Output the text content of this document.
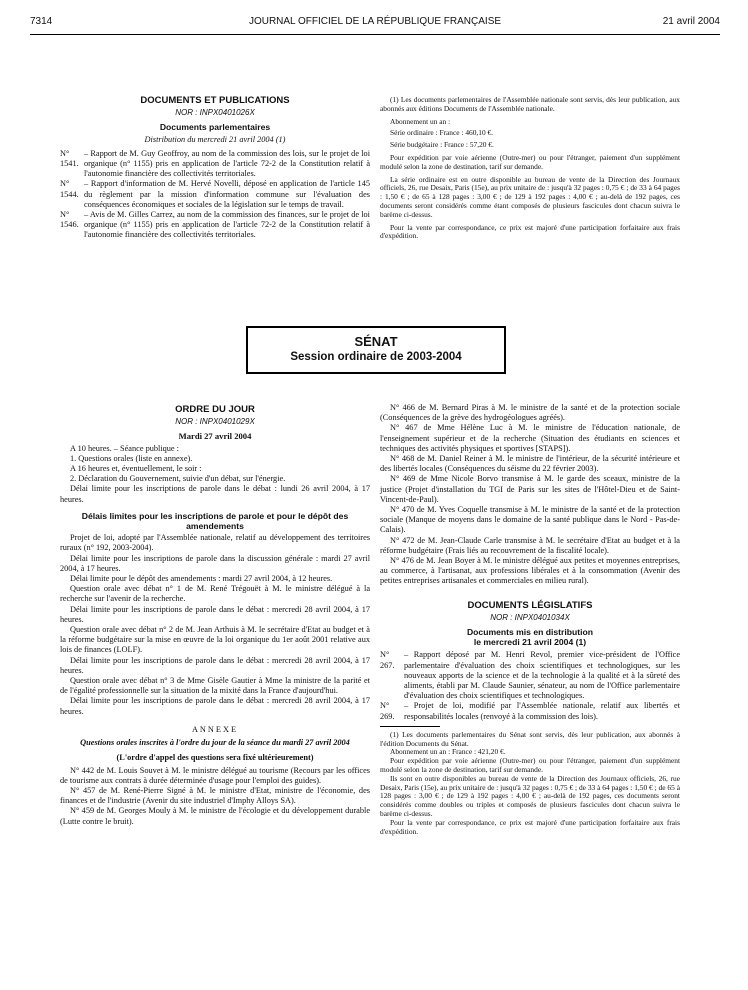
7314	JOURNAL OFFICIEL DE LA RÉPUBLIQUE FRANÇAISE	21 avril 2004
DOCUMENTS ET PUBLICATIONS
NOR : INPX0401026X
Documents parlementaires
Distribution du mercredi 21 avril 2004 (1)
N° 1541.
– Rapport de M. Guy Geoffroy, au nom de la commission des lois, sur le projet de loi organique (n° 1155) pris en application de l'article 72-2 de la Constitution relatif à l'autonomie financière des collectivités territoriales.
N° 1544.
– Rapport d'information de M. Hervé Novelli, déposé en application de l'article 145 du règlement par la mission d'information commune sur l'évaluation des conséquences économiques et sociales de la législation sur le temps de travail.
N° 1546.
– Avis de M. Gilles Carrez, au nom de la commission des finances, sur le projet de loi organique (n° 1155) pris en application de l'article 72-2 de la Constitution relatif à l'autonomie financière des collectivités territoriales.

(1) Les documents parlementaires de l'Assemblée nationale sont servis, dès leur publication, aux abonnés aux éditions Documents de l'Assemblée nationale.

Abonnement un an :

Série ordinaire : France : 460,10 €.

Série budgétaire : France : 57,20 €.

Pour expédition par voie aérienne (Outre-mer) ou pour l'étranger, paiement d'un supplément modulé selon la zone de destination, tarif sur demande.

La série ordinaire est en outre disponible au bureau de vente de la Direction des Journaux officiels, 26, rue Desaix, Paris (15e), au prix unitaire de : jusqu'à 32 pages : 0,75 € ; de 33 à 64 pages : 1,50 € ; de 65 à 128 pages : 3,00 € ; de 129 à 192 pages : 4,00 € ; au-delà de 192 pages, ces documents seront considérés comme étant composés de plusieurs fascicules dont chacun suivra le barème ci-dessus.

Pour la vente par correspondance, ce prix est majoré d'une participation forfaitaire aux frais d'expédition.

SÉNAT
Session ordinaire de 2003-2004
ORDRE DU JOUR
NOR : INPX0401029X
Mardi 27 avril 2004

A 10 heures. – Séance publique :

1. Questions orales (liste en annexe).

A 16 heures et, éventuellement, le soir :

2. Déclaration du Gouvernement, suivie d'un débat, sur l'énergie.

Délai limite pour les inscriptions de parole dans le débat : lundi 26 avril 2004, à 17 heures.

Délais limites pour les inscriptions de parole et pour le dépôt des amendements

Projet de loi, adopté par l'Assemblée nationale, relatif au développement des territoires ruraux (n° 192, 2003-2004).

Délai limite pour les inscriptions de parole dans la discussion générale : mardi 27 avril 2004, à 17 heures.

Délai limite pour le dépôt des amendements : mardi 27 avril 2004, à 12 heures.

Question orale avec débat n° 1 de M. René Trégouët à M. le ministre délégué à la recherche sur l'avenir de la recherche.

Délai limite pour les inscriptions de parole dans le débat : mercredi 28 avril 2004, à 17 heures.

Question orale avec débat n° 2 de M. Jean Arthuis à M. le secrétaire d'Etat au budget et à la réforme budgétaire sur la mise en œuvre de la loi organique du 1er août 2001 relative aux lois de finances (LOLF).

Délai limite pour les inscriptions de parole dans le débat : mercredi 28 avril 2004, à 17 heures.

Question orale avec débat n° 3 de Mme Gisèle Gautier à Mme la ministre de la parité et de l'égalité professionnelle sur la situation de la mixité dans la France d'aujourd'hui.

Délai limite pour les inscriptions de parole dans le débat : mercredi 28 avril 2004, à 17 heures.

ANNEXE
Questions orales inscrites à l'ordre du jour de la séance du mardi 27 avril 2004
(L'ordre d'appel des questions sera fixé ultérieurement)

N° 442 de M. Louis Souvet à M. le ministre délégué au tourisme (Recours par les offices de tourisme aux contrats à durée déterminée d'usage pour l'emploi des guides).

N° 457 de M. René-Pierre Signé à M. le ministre d'Etat, ministre de l'économie, des finances et de l'industrie (Avenir du site industriel d'Imphy Alloys SA).

N° 459 de M. Georges Mouly à M. le ministre de l'écologie et du développement durable (Lutte contre le bruit).

N° 466 de M. Bernard Piras à M. le ministre de la santé et de la protection sociale (Conséquences de la grève des hydrogéologues agréés).

N° 467 de Mme Hélène Luc à M. le ministre de l'éducation nationale, de l'enseignement supérieur et de la recherche (Situation des étudiants en sciences et techniques des activités physiques et sportives [STAPS]).

N° 468 de M. Daniel Reiner à M. le ministre de l'intérieur, de la sécurité intérieure et des libertés locales (Conséquences du séisme du 22 février 2003).

N° 469 de Mme Nicole Borvo transmise à M. le garde des sceaux, ministre de la justice (Projet d'installation du TGI de Paris sur les sites de l'Hôtel-Dieu et de Saint-Vincent-de-Paul).

N° 470 de M. Yves Coquelle transmise à M. le ministre de la santé et de la protection sociale (Manque de moyens dans le domaine de la santé publique dans le Nord - Pas-de-Calais).

N° 472 de M. Jean-Claude Carle transmise à M. le secrétaire d'Etat au budget et à la réforme budgétaire (Frais liés au recouvrement de la fiscalité locale).

N° 476 de M. Jean Boyer à M. le ministre délégué aux petites et moyennes entreprises, au commerce, à l'artisanat, aux professions libérales et à la consommation (Avenir des petites entreprises artisanales et commerciales en milieu rural).

DOCUMENTS LÉGISLATIFS
NOR : INPX0401034X
Documents mis en distribution
le mercredi 21 avril 2004 (1)
N° 267.
– Rapport déposé par M. Henri Revol, premier vice-président de l'Office parlementaire d'évaluation des choix scientifiques et technologiques, sur les nouveaux apports de la science et de la technologie à la qualité et à la sûreté des aliments, établi par M. Claude Saunier, sénateur, au nom de l'Office parlementaire d'évaluation des choix scientifiques et technologiques.
N° 269.
– Projet de loi, modifié par l'Assemblée nationale, relatif aux libertés et responsabilités locales (renvoyé à la commission des lois).

(1) Les documents parlementaires du Sénat sont servis, dès leur publication, aux abonnés à l'édition Documents du Sénat.

Abonnement un an : France : 421,20 €.

Pour expédition par voie aérienne (Outre-mer) ou pour l'étranger, paiement d'un supplément modulé selon la zone de destination, tarif sur demande.

Ils sont en outre disponibles au bureau de vente de la Direction des Journaux officiels, 26, rue Desaix, Paris (15e), au prix unitaire de : jusqu'à 32 pages : 0,75 € ; de 33 à 64 pages : 1,50 € ; de 65 à 128 pages : 3,00 € ; de 129 à 192 pages : 4,00 € ; au-delà de 192 pages, ces documents seront considérés comme doubles ou triples et composés de plusieurs fascicules dont chacun suivra le barème ci-dessus.

Pour la vente par correspondance, ce prix est majoré d'une participation forfaitaire aux frais d'expédition.
